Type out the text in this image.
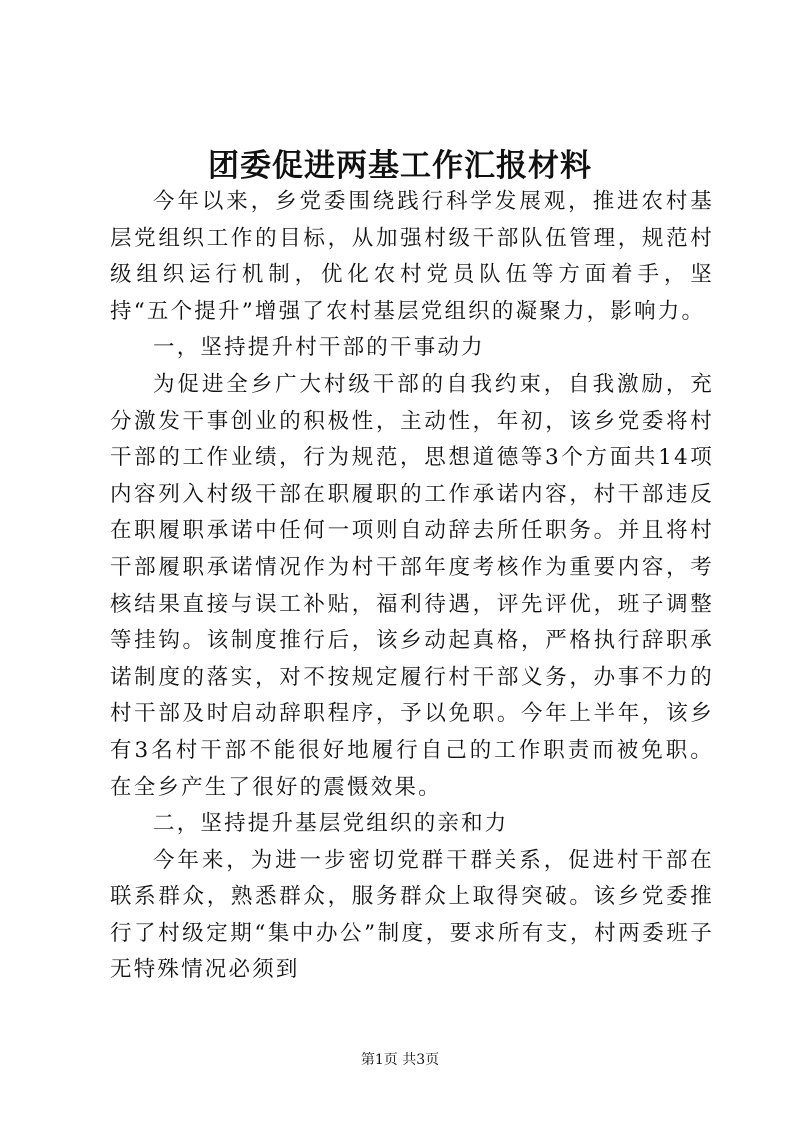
团委促进两基工作汇报材料

今年以来，乡党委围绕践行科学发展观，推进农村基层党组织工作的目标，从加强村级干部队伍管理，规范村级组织运行机制，优化农村党员队伍等方面着手，坚持“五个提升”增强了农村基层党组织的凝聚力，影响力。

一，坚持提升村干部的干事动力

为促进全乡广大村级干部的自我约束，自我激励，充分激发干事创业的积极性，主动性，年初，该乡党委将村干部的工作业绩，行为规范，思想道德等3个方面共14项内容列入村级干部在职履职的工作承诺内容，村干部违反在职履职承诺中任何一项则自动辞去所任职务。并且将村干部履职承诺情况作为村干部年度考核作为重要内容，考核结果直接与误工补贴，福利待遇，评先评优，班子调整等挂钩。该制度推行后，该乡动起真格，严格执行辞职承诺制度的落实，对不按规定履行村干部义务，办事不力的村干部及时启动辞职程序，予以免职。今年上半年，该乡有3名村干部不能很好地履行自己的工作职责而被免职。在全乡产生了很好的震慑效果。

二，坚持提升基层党组织的亲和力

今年来，为进一步密切党群干群关系，促进村干部在联系群众，熟悉群众，服务群众上取得突破。该乡党委推行了村级定期“集中办公”制度，要求所有支，村两委班子无特殊情况必须到

第1页 共3页
